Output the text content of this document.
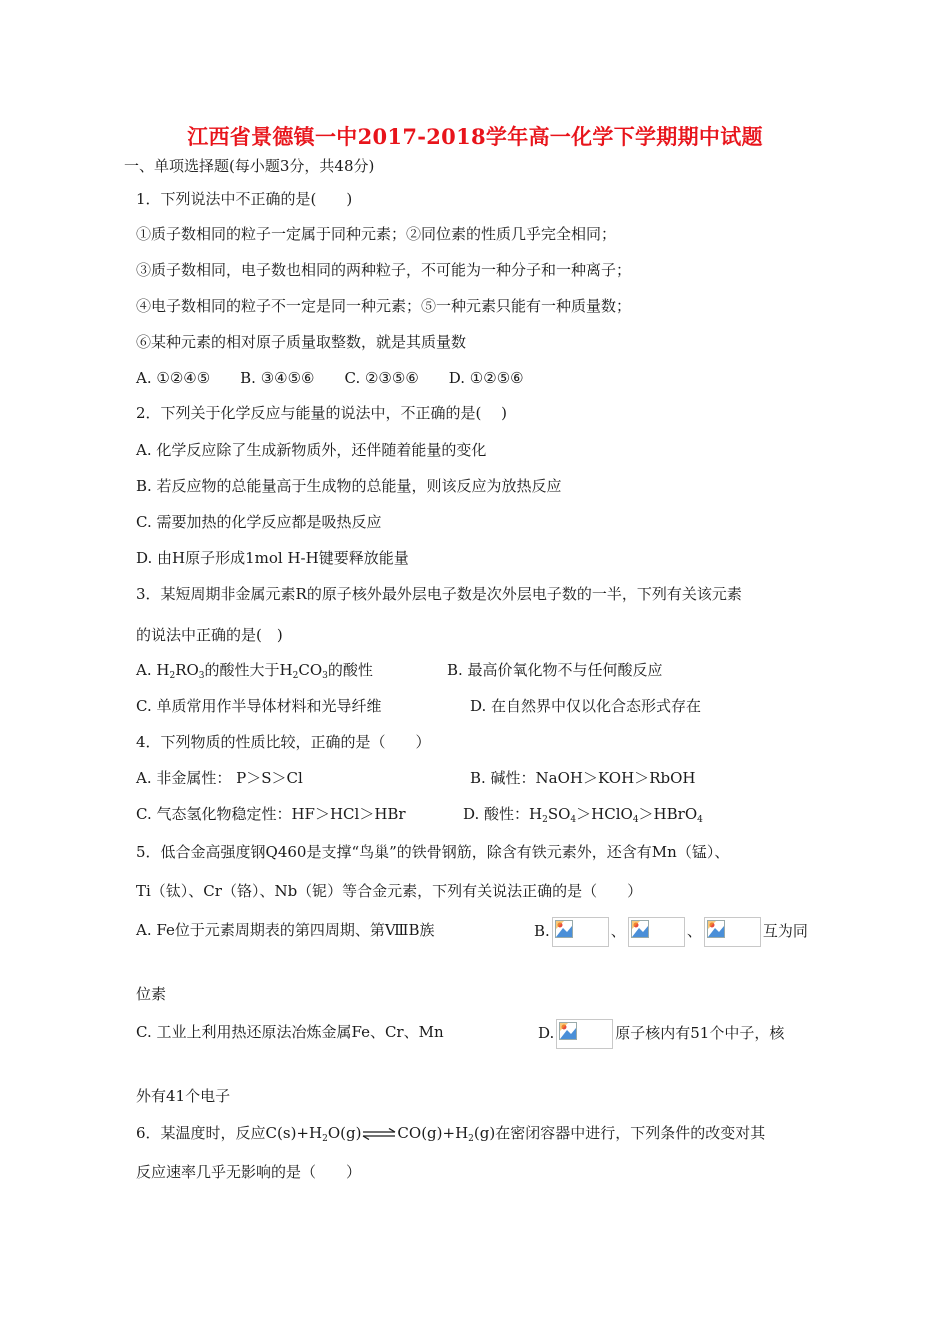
江西省景德镇一中2017-2018学年高一化学下学期期中试题
一、单项选择题(每小题3分，共48分)
1．下列说法中不正确的是(　　)
①质子数相同的粒子一定属于同种元素；②同位素的性质几乎完全相同；
③质子数相同，电子数也相同的两种粒子，不可能为一种分子和一种离子；
④电子数相同的粒子不一定是同一种元素；⑤一种元素只能有一种质量数；
⑥某种元素的相对原子质量取整数，就是其质量数
A. ①②④⑤　　B. ③④⑤⑥　　C. ②③⑤⑥　　D. ①②⑤⑥
2．下列关于化学反应与能量的说法中，不正确的是(　 )
A. 化学反应除了生成新物质外，还伴随着能量的变化
B. 若反应物的总能量高于生成物的总能量，则该反应为放热反应
C. 需要加热的化学反应都是吸热反应
D. 由H原子形成1mol H-H键要释放能量
3．某短周期非金属元素R的原子核外最外层电子数是次外层电子数的一半，下列有关该元素
的说法中正确的是(　)
A. $H_2RO_3$的酸性大于$H_2CO_3$的酸性	B. 最高价氧化物不与任何酸反应
C. 单质常用作半导体材料和光导纤维	D. 在自然界中仅以化合态形式存在
4．下列物质的性质比较，正确的是（　　）
A. 非金属性： P＞S＞Cl	B. 碱性：NaOH＞KOH＞RbOH
C. 气态氢化物稳定性：HF＞HCl＞HBr	D. 酸性：$H_2SO_4>HClO_4>HBrO_4$
5．低合金高强度钢Q460是支撑“鸟巢”的铁骨钢筋，除含有铁元素外，还含有Mn（锰）、
Ti（钛）、Cr（铬）、Nb（铌）等合金元素，下列有关说法正确的是（　　）
A. Fe位于元素周期表的第四周期、第ⅧB族	B.	、	、	互为同
位素
C. 工业上利用热还原法冶炼金属Fe、Cr、Mn	D.	原子核内有51个中子，核
外有41个电子
6．某温度时，反应$C(s)+H_2O(g)\rightleftharpoons CO(g)+H_2(g)$在密闭容器中进行，下列条件的改变对其
反应速率几乎无影响的是（　　）
